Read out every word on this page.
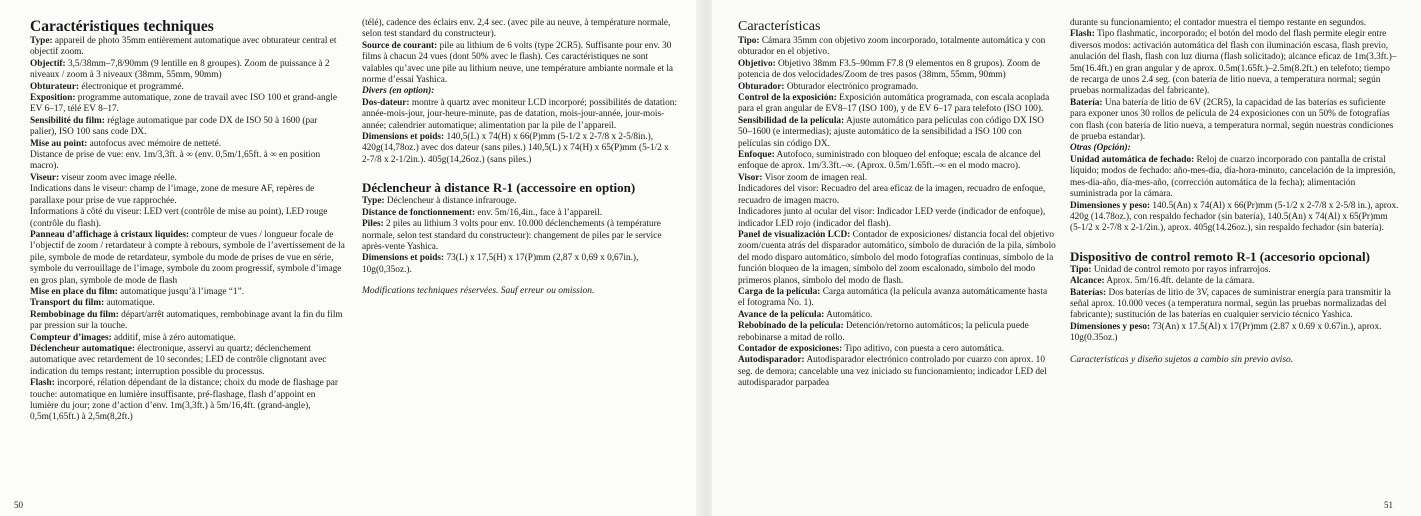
Caractéristiques techniques

Type: appareil de photo 35mm entièrement automatique avec obturateur central et objectif zoom.

Objectif: 3,5/38mm–7,8/90mm (9 lentille en 8 groupes). Zoom de puissance à 2 niveaux / zoom à 3 niveaux (38mm, 55mm, 90mm)

Obturateur: électronique et programmé.

Exposition: programme automatique, zone de travail avec ISO 100 et grand-angle EV 6–17, télé EV 8–17.

Sensibilité du film: réglage automatique par code DX de ISO 50 à 1600 (par palier), ISO 100 sans code DX.

Mise au point: autofocus avec mémoire de netteté.

Distance de prise de vue: env. 1m/3,3ft. à ∞ (env. 0,5m/1,65ft. à ∞ en position macro).

Viseur: viseur zoom avec image réelle.

Indications dans le viseur: champ de l’image, zone de mesure AF, repères de parallaxe pour prise de vue rapprochée.

Informations à côté du viseur: LED vert (contrôle de mise au point), LED rouge (contrôle du flash).

Panneau d’affichage à cristaux liquides: compteur de vues / longueur focale de l’objectif de zoom / retardateur à compte à rebours, symbole de l’avertissement de la pile, symbole de mode de retardateur, symbole du mode de prises de vue en série, symbole du verrouillage de l’image, symbole du zoom progressif, symbole d’image en gros plan, symbole de mode de flash

Mise en place du film: automatique jusqu’à l’image “1”.

Transport du film: automatique.

Rembobinage du film: départ/arrêt automatiques, rembobinage avant la fin du film par pression sur la touche.

Compteur d’images: additif, mise à zéro automatique.

Déclencheur automatique: électronique, asservi au quartz; déclenchement automatique avec retardement de 10 secondes; LED de contrôle clignotant avec indication du temps restant; interruption possible du processus.

Flash: incorporé, rélation dépendant de la distance; choix du mode de flashage par touche: automatique en lumière insuffisante, pré-flashage, flash d’appoint en lumière du jour; zone d’action d’env. 1m(3,3ft.) à 5m/16,4ft. (grand-angle), 0,5m(1,65ft.) à 2,5m(8,2ft.)

(télé), cadence des éclairs env. 2,4 sec. (avec pile au neuve, à température normale, selon test standard du constructeur).

Source de courant: pile au lithium de 6 volts (type 2CR5). Suffisante pour env. 30 films à chacun 24 vues (dont 50% avec le flash). Ces caractéristiques ne sont valables qu’avec une pile au lithium neuve, une température ambiante normale et la norme d’essai Yashica.

Divers (en option):

Dos-dateur: montre à quartz avec moniteur LCD incorporé; possibilités de datation: année-mois-jour, jour-heure-minute, pas de datation, mois-jour-année, jour-mois-année; calendrier automatique; alimentation par la pile de l’appareil.

Dimensions et poids: 140,5(L) x 74(H) x 66(P)mm (5-1/2 x 2-7/8 x 2-5/8in.), 420g(14,78oz.) avec dos dateur (sans piles.) 140,5(L) x 74(H) x 65(P)mm (5-1/2 x 2-7/8 x 2-1/2in.). 405g(14,26oz.) (sans piles.)

Déclencheur à distance R-1 (accessoire en option)

Type: Déclencheur à distance infrarouge.

Distance de fonctionnement: env. 5m/16,4in., face à l’appareil.

Piles: 2 piles au lithium 3 volts pour env. 10.000 déclenchements (à température normale, selon test standard du constructeur): changement de piles par le service après-vente Yashica.

Dimensions et poids: 73(L) x 17,5(H) x 17(P)mm (2,87 x 0,69 x 0,67in.), 10g(0,35oz.).

Modifications techniques réservées. Sauf erreur ou omission.

50
Características

Tipo: Cámara 35mm con objetivo zoom incorporado, totalmente automática y con obturador en el objetivo.

Objetivo: Objetivo 38mm F3.5–90mm F7.8 (9 elementos en 8 grupos). Zoom de potencia de dos velocidades/Zoom de tres pasos (38mm, 55mm, 90mm)

Obturador: Obturador electrónico programado.

Control de la exposición: Exposición automática programada, con escala acoplada para el gran angular de EV8–17 (ISO 100), y de EV 6–17 para telefoto (ISO 100).

Sensibilidad de la película: Ajuste automático para películas con código DX ISO 50–1600 (e intermedias); ajuste automático de la sensibilidad a ISO 100 con películas sin código DX.

Enfoque: Autofoco, suministrado con bloqueo del enfoque; escala de alcance del enfoque de aprox. 1m/3.3ft.–∞. (Aprox. 0.5m/1.65ft.–∞ en el modo macro).

Visor: Visor zoom de imagen real.

Indicadores del visor: Recuadro del area eficaz de la imagen, recuadro de enfoque, recuadro de imagen macro.

Indicadores junto al ocular del visor: Indicador LED verde (indicador de enfoque), indicador LED rojo (indicador del flash).

Panel de visualización LCD: Contador de exposiciones/ distancia focal del objetivo zoom/cuenta atrás del disparador automático, símbolo de duración de la pila, símbolo del modo disparo automático, símbolo del modo fotografías continuas, símbolo de la función bloqueo de la imagen, símbolo del zoom escalonado, símbolo del modo primeros planos, símbolo del modo de flash.

Carga de la película: Carga automática (la película avanza automáticamente hasta el fotograma No. 1).

Avance de la película: Automático.

Rebobinado de la película: Detención/retorno automáticos; la película puede rebobinarse a mitad de rollo.

Contador de exposiciones: Tipo aditivo, con puesta a cero automática.

Autodisparador: Autodisparador electrónico controlado por cuarzo con aprox. 10 seg. de demora; cancelable una vez iniciado su funcionamiento; indicador LED del autodisparador parpadea

durante su funcionamiento; el contador muestra el tiempo restante en segundos.

Flash: Tipo flashmatic, incorporado; el botón del modo del flash permite elegir entre diversos modos: activación automática del flash con iluminación escasa, flash previo, anulación del flash, flash con luz diurna (flash solicitado); alcance eficaz de 1m(3.3ft.)–5m(16.4ft.) en gran angular y de aprox. 0.5m(1.65ft.)–2.5m(8.2ft.) en telefoto; tiempo de recarga de unos 2.4 seg. (con batería de litio nueva, a temperatura normal; según pruebas normalizadas del fabricante).

Batería: Una batería de litio de 6V (2CR5), la capacidad de las baterías es suficiente para exponer unos 30 rollos de película de 24 exposiciones con un 50% de fotografías con flash (con batería de litio nueva, a temperatura normal, según nuestras condiciones de prueba estandar).

Otras (Opción):

Unidad automática de fechado: Reloj de cuarzo incorporado con pantalla de cristal líquido; modos de fechado: año-mes-día, día-hora-minuto, cancelación de la impresión, mes-día-año, día-mes-año, (corrección automática de la fecha); alimentación suministrada por la cámara.

Dimensiones y peso: 140.5(An) x 74(Al) x 66(Pr)mm (5-1/2 x 2-7/8 x 2-5/8 in.), aprox. 420g (14.78oz.), con respaldo fechador (sin batería), 140.5(An) x 74(Al) x 65(Pr)mm (5-1/2 x 2-7/8 x 2-1/2in.), aprox. 405g(14.26oz.), sin respaldo fechador (sin batería).

Dispositivo de control remoto R-1 (accesorio opcional)

Tipo: Unidad de control remoto por rayos infrarrojos.

Alcance: Aprox. 5m/16.4ft. delante de la cámara.

Baterías: Dos baterías de litio de 3V, capaces de suministrar energía para transmitir la señal aprox. 10.000 veces (a temperatura normal, según las pruebas normalizadas del fabricante); sustitución de las baterías en cualquier servicio técnico Yashica.

Dimensiones y peso: 73(An) x 17.5(Al) x 17(Pr)mm (2.87 x 0.69 x 0.67in.), aprox. 10g(0.35oz.)

Características y diseño sujetos a cambio sin previo aviso.

51
